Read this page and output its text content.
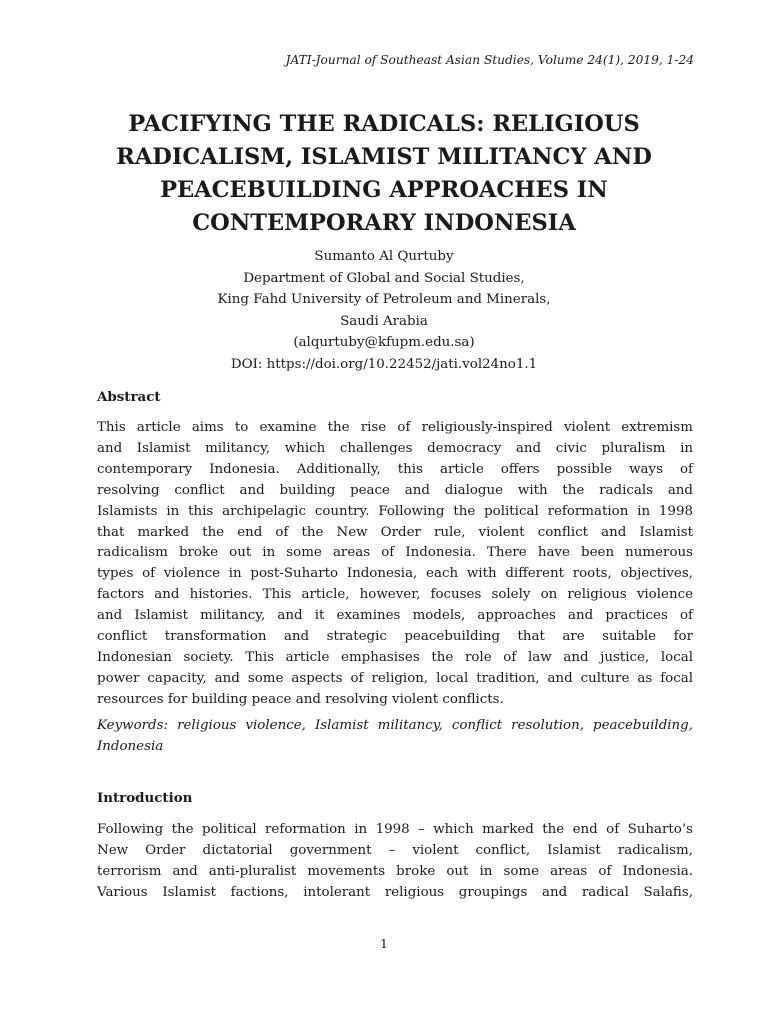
JATI-Journal of Southeast Asian Studies, Volume 24(1), 2019, 1-24
PACIFYING THE RADICALS: RELIGIOUS
RADICALISM, ISLAMIST MILITANCY AND
PEACEBUILDING APPROACHES IN
CONTEMPORARY INDONESIA
Sumanto Al Qurtuby
Department of Global and Social Studies,
King Fahd University of Petroleum and Minerals,
Saudi Arabia
(alqurtuby@kfupm.edu.sa)
DOI: https://doi.org/10.22452/jati.vol24no1.1
Abstract

This article aims to examine the rise of religiously-inspired violent extremism
and Islamist militancy, which challenges democracy and civic pluralism in
contemporary Indonesia. Additionally, this article offers possible ways of
resolving conflict and building peace and dialogue with the radicals and
Islamists in this archipelagic country. Following the political reformation in 1998
that marked the end of the New Order rule, violent conflict and Islamist
radicalism broke out in some areas of Indonesia. There have been numerous
types of violence in post-Suharto Indonesia, each with different roots, objectives,
factors and histories. This article, however, focuses solely on religious violence
and Islamist militancy, and it examines models, approaches and practices of
conflict transformation and strategic peacebuilding that are suitable for
Indonesian society. This article emphasises the role of law and justice, local
power capacity, and some aspects of religion, local tradition, and culture as focal
resources for building peace and resolving violent conflicts.

Keywords: religious violence, Islamist militancy, conflict resolution, peacebuilding,
Indonesia

Introduction

Following the political reformation in 1998 – which marked the end of Suharto’s
New Order dictatorial government – violent conflict, Islamist radicalism,
terrorism and anti-pluralist movements broke out in some areas of Indonesia.
Various Islamist factions, intolerant religious groupings and radical Salafis,

1
